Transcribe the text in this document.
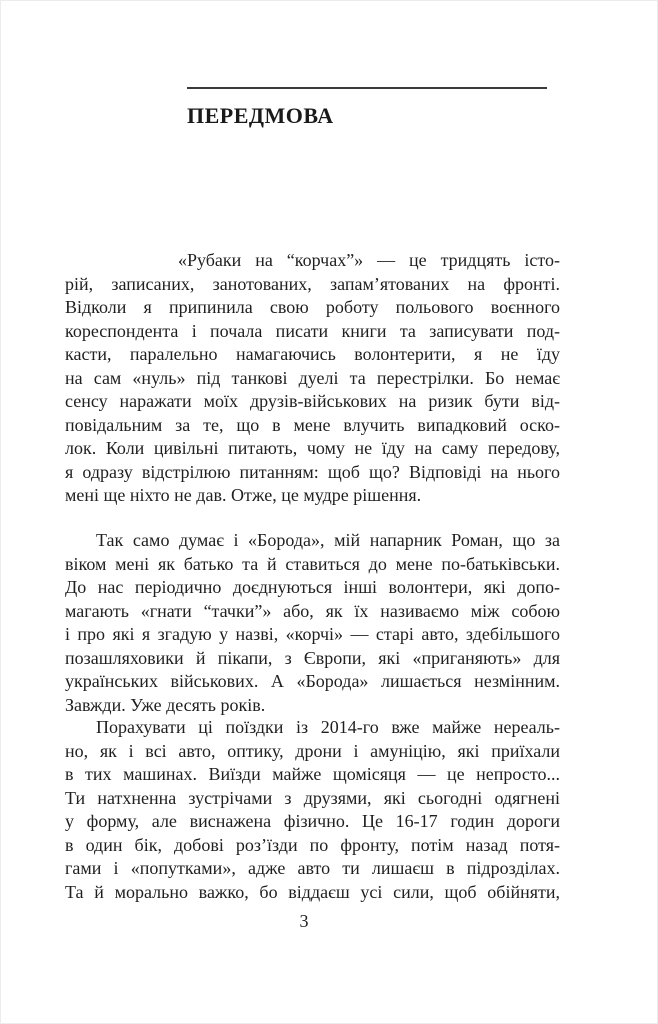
ПЕРЕДМОВА
«Рубаки на “корчах”» — це тридцять істо-
рій, записаних, занотованих, запам’ятованих на фронті.
Відколи я припинила свою роботу польового воєнного
кореспондента і почала писати книги та записувати под-
касти, паралельно намагаючись волонтерити, я не їду
на сам «нуль» під танкові дуелі та перестрілки. Бо немає
сенсу наражати моїх друзів-військових на ризик бути від-
повідальним за те, що в мене влучить випадковий оско-
лок. Коли цивільні питають, чому не їду на саму передову,
я одразу відстрілюю питанням: щоб що? Відповіді на нього
мені ще ніхто не дав. Отже, це мудре рішення.
Так само думає і «Борода», мій напарник Роман, що за
віком мені як батько та й ставиться до мене по-батьківськи.
До нас періодично доєднуються інші волонтери, які допо-
магають «гнати “тачки”» або, як їх називаємо між собою
і про які я згадую у назві, «корчі» — старі авто, здебільшого
позашляховики й пікапи, з Європи, які «приганяють» для
українських військових. А «Борода» лишається незмінним.
Завжди. Уже десять років.
Порахувати ці поїздки із 2014-го вже майже нереаль-
но, як і всі авто, оптику, дрони і амуніцію, які приїхали
в тих машинах. Виїзди майже щомісяця — це непросто...
Ти натхненна зустрічами з друзями, які сьогодні одягнені
у форму, але виснажена фізично. Це 16-17 годин дороги
в один бік, добові роз’їзди по фронту, потім назад потя-
гами і «попутками», адже авто ти лишаєш в підрозділах.
Та й морально важко, бо віддаєш усі сили, щоб обійняти,
3
